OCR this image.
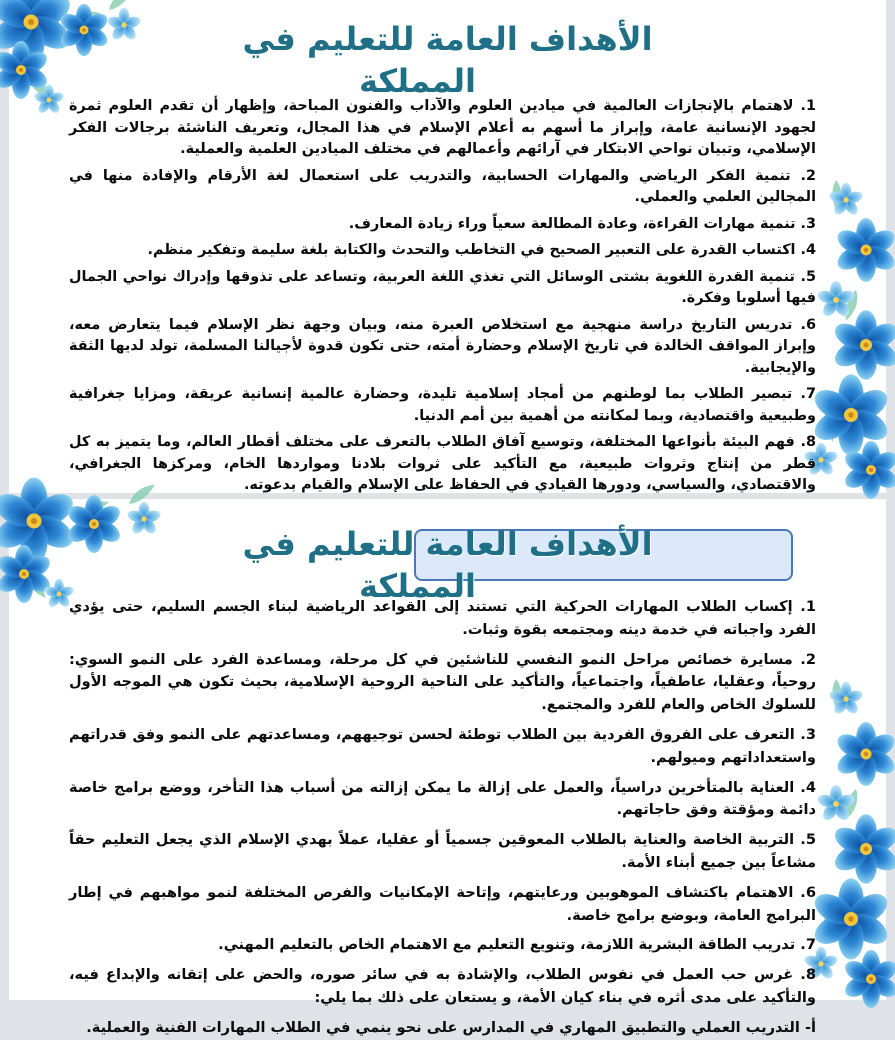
الأهداف العامة للتعليم في
المملكة
1. لاهتمام بالإنجازات العالمية في ميادين العلوم والآداب والفنون المباحة، وإظهار أن تقدم العلوم ثمرة لجهود الإنسانية عامة، وإبراز ما أسهم به أعلام الإسلام في هذا المجال، وتعريف الناشئة برجالات الفكر الإسلامي، وتبيان نواحي الابتكار في آرائهم وأعمالهم في مختلف الميادين العلمية والعملية.
2. تنمية الفكر الرياضي والمهارات الحسابية، والتدريب على استعمال لغة الأرقام والإفادة منها في المجالين العلمي والعملي.
3. تنمية مهارات القراءة، وعادة المطالعة سعياً وراء زيادة المعارف.
4. اكتساب القدرة على التعبير الصحيح في التخاطب والتحدث والكتابة بلغة سليمة وتفكير منظم.
5. تنمية القدرة اللغوية بشتى الوسائل التي تغذي اللغة العربية، وتساعد على تذوقها وإدراك نواحي الجمال فيها أسلوبا وفكرة.
6. تدريس التاريخ دراسة منهجية مع استخلاص العبرة منه، وبيان وجهة نظر الإسلام فيما يتعارض معه، وإبراز المواقف الخالدة في تاريخ الإسلام وحضارة أمته، حتى تكون قدوة لأجيالنا المسلمة، تولد لديها الثقة والإيجابية.
7. تبصير الطلاب بما لوطنهم من أمجاد إسلامية تليدة، وحضارة عالمية إنسانية عريقة، ومزايا جغرافية وطبيعية واقتصادية، وبما لمكانته من أهمية بين أمم الدنيا.
8. فهم البيئة بأنواعها المختلفة، وتوسيع آفاق الطلاب بالتعرف على مختلف أقطار العالم، وما يتميز به كل قطر من إنتاج وثروات طبيعية، مع التأكيد على ثروات بلادنا ومواردها الخام، ومركزها الجغرافي، والاقتصادي، والسياسي، ودورها القيادي في الحفاظ على الإسلام والقيام بدعوته.
الأهداف العامة للتعليم في
المملكة
1. إكساب الطلاب المهارات الحركية التي تستند إلى القواعد الرياضية لبناء الجسم السليم، حتى يؤدي الفرد واجباته في خدمة دينه ومجتمعه بقوة وثبات.
2. مسايرة خصائص مراحل النمو النفسي للناشئين في كل مرحلة، ومساعدة الفرد على النمو السوي: روحياً، وعقليا، عاطفياً، واجتماعياً، والتأكيد على الناحية الروحية الإسلامية، بحيث تكون هي الموجه الأول للسلوك الخاص والعام للفرد والمجتمع.
3. التعرف على الفروق الفردية بين الطلاب توطئة لحسن توجيههم، ومساعدتهم على النمو وفق قدراتهم واستعداداتهم وميولهم.
4. العناية بالمتأخرين دراسياً، والعمل على إزالة ما يمكن إزالته من أسباب هذا التأخر، ووضع برامج خاصة دائمة ومؤقتة وفق حاجاتهم.
5. التربية الخاصة والعناية بالطلاب المعوقين جسمياً أو عقليا، عملاً بهدي الإسلام الذي يجعل التعليم حقاً مشاعاً بين جميع أبناء الأمة.
6. الاهتمام باكتشاف الموهوبين ورعايتهم، وإتاحة الإمكانيات والفرص المختلفة لنمو مواهبهم في إطار البرامج العامة، وبوضع برامج خاصة.
7. تدريب الطاقة البشرية اللازمة، وتنويع التعليم مع الاهتمام الخاص بالتعليم المهني.
8. غرس حب العمل في نفوس الطلاب، والإشادة به في سائر صوره، والحض على إتقانه والإبداع فيه، والتأكيد على مدى أثره في بناء كيان الأمة، و يستعان على ذلك بما يلي:
أ- التدريب العملي والتطبيق المهاري في المدارس على نحو ينمي في الطلاب المهارات الفنية والعملية.
